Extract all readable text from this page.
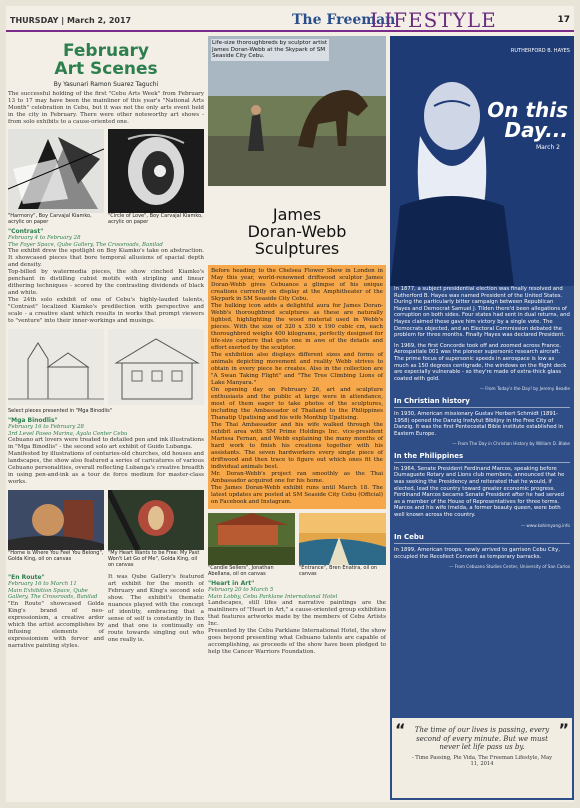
THURSDAY | March 2, 2017	The Freeman
LIFESTYLE	17
February
Art Scenes
By Yasunari Ramon Suarez Taguchi

The successful holding of the first "Cebu Arts Week" from February 13 to 17 may have been the mainliner of this year's "National Arts Month" celebration in Cebu, but it was not the only arts event held in the city in February. There were other noteworthy art shows - from solo exhibits to a cause-oriented one.

"Harmony", Boy Carvajal Kiamko, acrylic on paper
"Circle of Love", Boy Carvajal Kiamko, acrylic on paper
"Contrast"
February 4 to February 28
The Foyer Space, Qube Gallery, The Crossroads, Banilad

The exhibit drew the spotlight on Boy Kiamko's take on abstraction. It showcased pieces that bore temporal allusions of spacial depth and density.

Top-billed by watermedia pieces, the show cinched Kiamko's penchant in distilling cubist motifs with stripling and linear dithering techniques - scored by the contrasting dividends of black and white.

The 24th solo exhibit of one of Cebu's highly-lauded talents, "Contrast" localized Kiamko's predilection with perspective and scale - a creative slant which results in works that prompt viewers to "venture" into their inner-workings and musings.

Select pieces presented in "Mga Binodlis"
"Mga Binodlis"
February 16 to February 28
3rd Level Paseo Marina, Ayala Center Cebu

Cebuano art lovers were treated to detailed pen and ink illustrations in "Mga Binodlis" - the second solo art exhibit of Guido Lubanga.

Manifested by illustrations of centuries-old churches, old houses and landscapes, the show also featured a series of caricatures of various Cebuano personalities, overall reflecting Lubanga's creative breadth in using pen-and-ink as a tour de force medium for master-class works.

"Home is Where You Feel You Belong", Golda King, oil on canvas
"My Heart Wants to be Free: My Past Won't Let Go of Me", Golda King, oil on canvas
"En Route"
February 16 to March 11
Main Exhibition Space, Qube Gallery, The Crossroads, Banilad

"En Route" showcased Golda King's brand of neo-expressionism, a creative ardor which the artist accomplishes by infusing elements of expressionism with fervor and narrative painting styles.

It was Qube Gallery's featured art exhibit for the month of February and King's second solo show. The exhibit's thematic nuances played with the concept of identity, embracing that a sense of self is constantly in flux and that one is continually on route towards singling out who one really is.

Life-size thoroughbreds by sculptor artist James Doran-Webb at the Skypark of SM Seaside City Cebu.
James
Doran-Webb
Sculptures

Before heading to the Chelsea Flower Show in London in May this year, world-renowned driftwood sculptor James Doran-Webb gives Cebuanos a glimpse of his unique creations currently on display at the Amphitheater of the Skypark in SM Seaside City Cebu.

The hulking icon adds a delightful aura for James Doran-Webb's thoroughbred sculptures as these are naturally lighted, highlighting the wood material used in Webb's pieces. With the size of 320 x 330 x 190 cubic cm, each thoroughbred weighs 400 kilograms, perfectly designed for life-size capture that gets one in awe of the details and effort exerted by the sculptor.

The exhibition also displays different sizes and forms of animals depicting movement and reality Webb strives to obtain in every piece he creates. Also in the collection are "A Swan Taking Flight" and "The Tree Climbing Lions of Lake Manyara."

On opening day on February 26, art and sculpture enthusiasts and the public at large were in attendance, most of them eager to take photos of the sculptures, including the Ambassador of Thailand to the Philippines Thanatip Upatising and his wife Monthip Upatising.

The Thai Ambassador and his wife walked through the exhibit area with SM Prime Holdings Inc. vice-president Marissa Fernan, and Webb explaining the many months of hard work to finish his creations together with his assistants. The seven hardworkers every single piece of driftwood and then trace to figure out which ones fit the individual animals best.

Mr. Doran-Webb's project ran smoothly as the Thai Ambassador acquired one for his home.

The James Doran-Webb exhibit runs until March 18. The latest updates are posted at SM Seaside City Cebu (Official) on Facebook and Instagram.

"Candle Sellers", Jonathan Abellana, oil on canvas
"Entrance", Bren Enatira, oil on canvas
"Heart in Art"
February 20 to March 5
Main Lobby, Cebu Parklane International Hotel

Landscapes, still lifes and narrative paintings are the mainliners of "Heart in Art," a cause-oriented group exhibition that features artworks made by the members of Cebu Artists Inc.

Presented by the Cebu Parklane International Hotel, the show goes beyond presenting what Cebuano talents are capable of accomplishing, as proceeds of the show have been pledged to help the Cancer Warriors Foundation.

RUTHERFORD B. HAYES
On this
Day...
March 2

In 1877, a subject presidential election was finally resolved and Rutherford B. Hayes was named President of the United States. During the particularly bitter campaign between Republican Hayes and Democrat Samuel J. Tilden there'd been allegations of corruption on both sides. Four states had sent in dual returns, and Hayes claimed these gave him victory by a single vote. The Democrats objected, and an Electoral Commission debated the problem for three months. Finally Hayes was declared President.

In 1969, the first Concorde took off and zoomed across France. Aerospatiale 001 was the pioneer supersonic research aircraft. The prime focus of supersonic speeds in aerospace is low as much as 150 degrees centigrade, the windows on the flight deck are especially vulnerable - so they're made of extra-thick glass coated with gold.

— From Today's the Day! by Jeremy Beadle

In Christian history

In 1930, American missionary Gustav Herbert Schmidt (1891-1958) opened the Danzig Instytut Biblijny in the Free City of Danzig. It was the first Pentecostal Bible institute established in Eastern Europe.

— From The Day in Christian History by William D. Blake

In the Philippines

In 1964, Senate President Ferdinand Marcos, speaking before Dumaguete Rotary and Lions club members, announced that he was seeking the Presidency and reiterated that he would, if elected, lead the country toward greater economic progress. Ferdinand Marcos became Senate President after he had served as a member of the House of Representatives for three terms. Marcos and his wife Imelda, a former beauty queen, were both well known across the country.

— www.kahimyang.info

In Cebu

In 1899, American troops, newly arrived to garrison Cebu City, occupied the Recollect Convent as temporary barracks.

— From Cebuano Studies Center, University of San Carlos

“	”
The time of our lives is passing, every second of every minute. But we must never let life pass us by.
- Time Passing, Pie Vida, The Freeman Lifestyle, May 11, 2014
